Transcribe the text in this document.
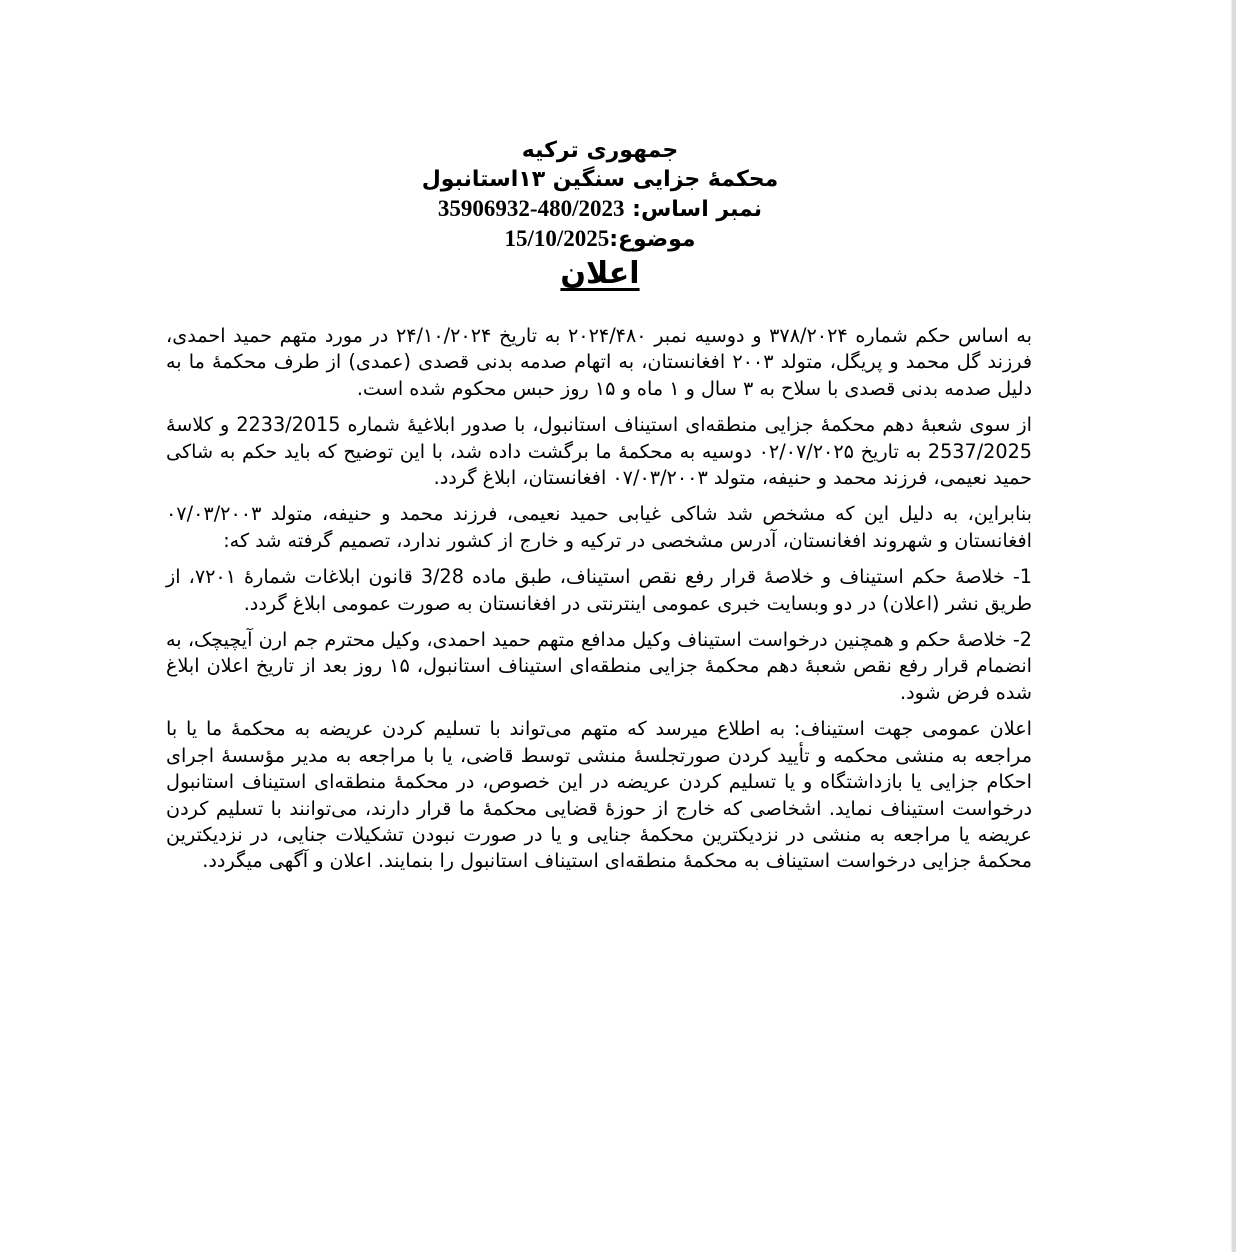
جمهوری ترکیه
محکمهٔ جزایی سنگین ۱۳استانبول
نمبر اساس: 35906932-480/2023
موضوع:15/10/2025
اعلان

به اساس حکم شماره ۳۷۸/۲۰۲۴ و دوسیه نمبر ۲۰۲۴/۴۸۰ به تاریخ ۲۴/۱۰/۲۰۲۴ در مورد متهم حمید احمدی، فرزند گل محمد و پریگل، متولد ۲۰۰۳ افغانستان، به اتهام صدمه بدنی قصدی (عمدی) از طرف محکمهٔ ما به دلیل صدمه بدنی قصدی با سلاح به ۳ سال و ۱ ماه و ۱۵ روز حبس محکوم شده است.

از سوی شعبهٔ دهم محکمهٔ جزایی منطقه‌ای استیناف استانبول، با صدور ابلاغیهٔ شماره 2233/2015 و کلاسهٔ 2537/2025 به تاریخ ۰۲/۰۷/۲۰۲۵ دوسیه به محکمهٔ ما برگشت داده شد، با این توضیح که باید حکم به شاکی حمید نعیمی، فرزند محمد و حنیفه، متولد ۰۷/۰۳/۲۰۰۳ افغانستان، ابلاغ گردد.

بنابراین، به دلیل این که مشخص شد شاکی غیابی حمید نعیمی، فرزند محمد و حنیفه، متولد ۰۷/۰۳/۲۰۰۳ افغانستان و شهروند افغانستان، آدرس مشخصی در ترکیه و خارج از کشور ندارد، تصمیم گرفته شد که:

1- خلاصهٔ حکم استیناف و خلاصهٔ قرار رفع نقص استیناف، طبق ماده 3/28 قانون ابلاغات شمارهٔ ۷۲۰۱، از طریق نشر (اعلان) در دو وبسایت خبری عمومی اینترنتی در افغانستان به صورت عمومی ابلاغ گردد.

2- خلاصهٔ حکم و همچنین درخواست استیناف وکیل مدافع متهم حمید احمدی، وکیل محترم جم ارن آیچیچک، به انضمام قرار رفع نقص شعبهٔ دهم محکمهٔ جزایی منطقه‌ای استیناف استانبول، ۱۵ روز بعد از تاریخ اعلان ابلاغ شده فرض شود.

اعلان عمومی جهت استیناف: به اطلاع میرسد که متهم می‌تواند با تسلیم کردن عریضه به محکمهٔ ما یا با مراجعه به منشی محکمه و تأیید کردن صورتجلسهٔ منشی توسط قاضی، یا با مراجعه به مدیر مؤسسهٔ اجرای احکام جزایی یا بازداشتگاه و یا تسلیم کردن عریضه در این خصوص، در محکمهٔ منطقه‌ای استیناف استانبول درخواست استیناف نماید. اشخاصی که خارج از حوزهٔ قضایی محکمهٔ ما قرار دارند، می‌توانند با تسلیم کردن عریضه یا مراجعه به منشی در نزدیکترین محکمهٔ جنایی و یا در صورت نبودن تشکیلات جنایی، در نزدیکترین محکمهٔ جزایی درخواست استیناف به محکمهٔ منطقه‌ای استیناف استانبول را بنمایند. اعلان و آگهی میگردد.
